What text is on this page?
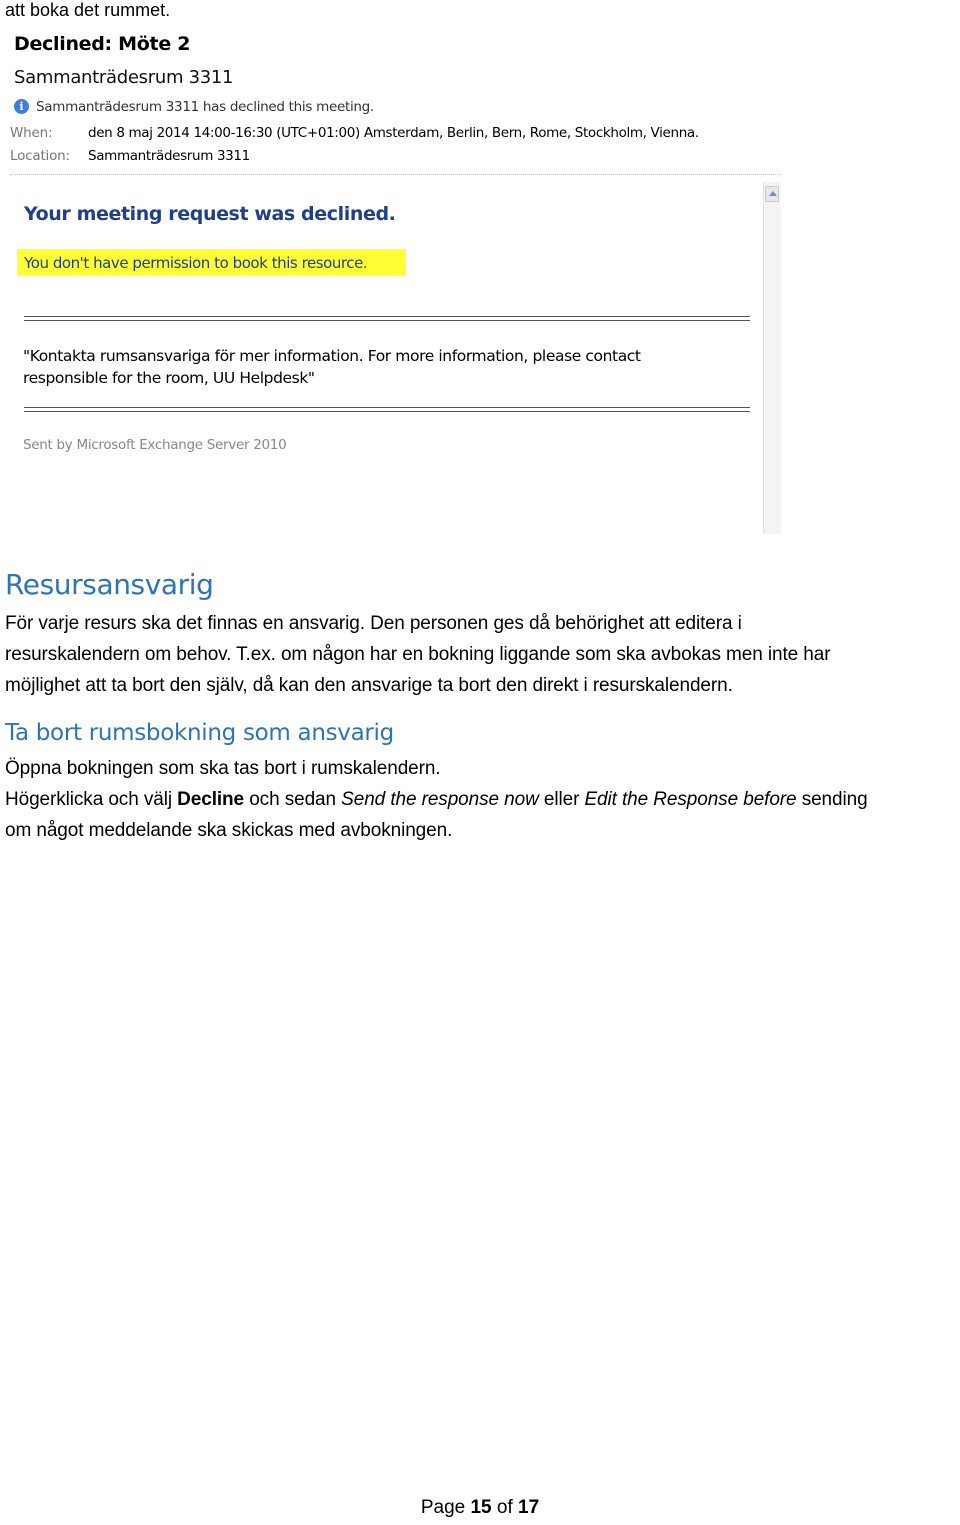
att boka det rummet.
Declined: Möte 2
Sammanträdesrum 3311
i Sammanträdesrum 3311 has declined this meeting.
When:	den 8 maj 2014 14:00-16:30 (UTC+01:00) Amsterdam, Berlin, Bern, Rome, Stockholm, Vienna.
Location: Sammanträdesrum 3311
Your meeting request was declined.
You don't have permission to book this resource.
"Kontakta rumsansvariga för mer information. For more information, please contact
responsible for the room, UU Helpdesk"
Sent by Microsoft Exchange Server 2010
Resursansvarig
För varje resurs ska det finnas en ansvarig. Den personen ges då behörighet att editera i
resurskalendern om behov. T.ex. om någon har en bokning liggande som ska avbokas men inte har
möjlighet att ta bort den själv, då kan den ansvarige ta bort den direkt i resurskalendern.
Ta bort rumsbokning som ansvarig
Öppna bokningen som ska tas bort i rumskalendern.
Högerklicka och välj Decline och sedan Send the response now eller Edit the Response before sending
om något meddelande ska skickas med avbokningen.
Page 15 of 17
